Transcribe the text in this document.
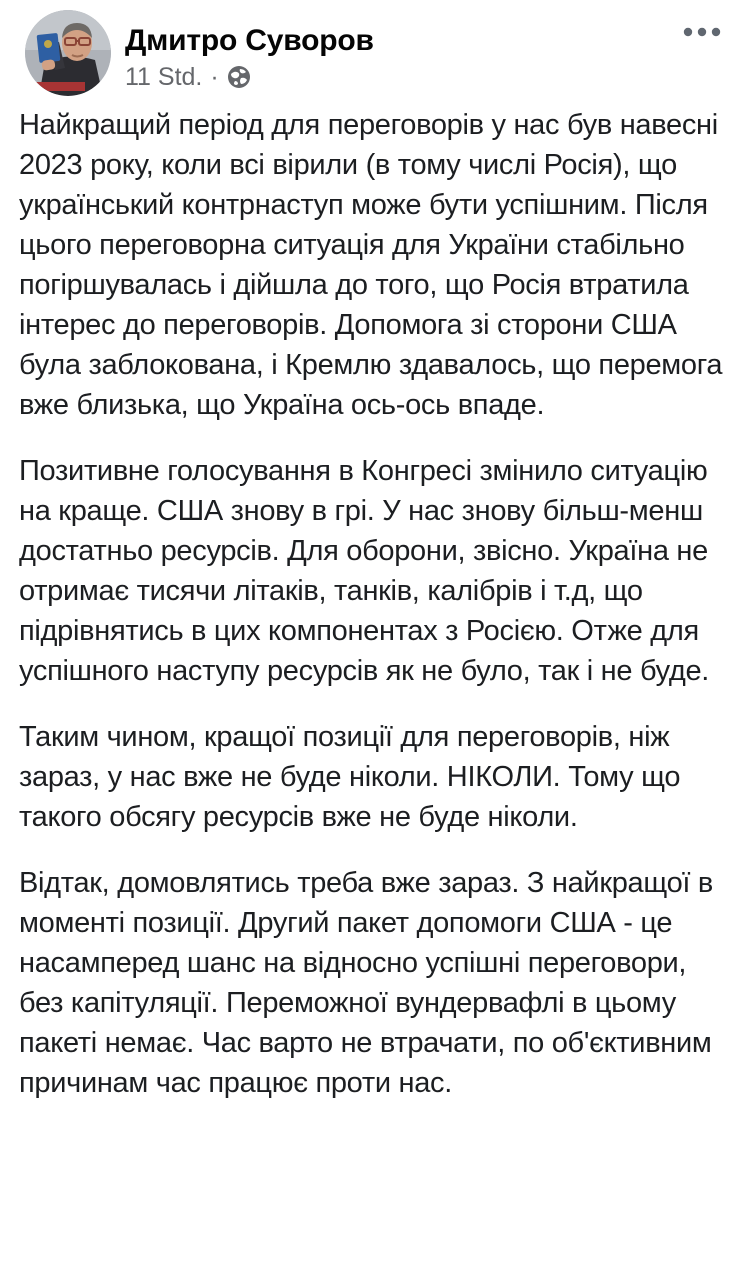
Дмитро Суворов
11 Std. ·

Найкращий період для переговорів у нас був навесні 2023 року, коли всі вірили (в тому числі Росія), що український контрнаступ може бути успішним. Після цього переговорна ситуація для України стабільно погіршувалась і дійшла до того, що Росія втратила інтерес до переговорів. Допомога зі сторони США була заблокована, і Кремлю здавалось, що перемога вже близька, що Україна ось-ось впаде.

Позитивне голосування в Конгресі змінило ситуацію на краще. США знову в грі. У нас знову більш-менш достатньо ресурсів. Для оборони, звісно. Україна не отримає тисячи літаків, танків, калібрів і т.д, що підрівнятись в цих компонентах з Росією. Отже для успішного наступу ресурсів як не було, так і не буде.

Таким чином, кращої позиції для переговорів, ніж зараз, у нас вже не буде ніколи. НІКОЛИ. Тому що такого обсягу ресурсів вже не буде ніколи.

Відтак, домовлятись треба вже зараз. З найкращої в моменті позиції. Другий пакет допомоги США - це насамперед шанс на відносно успішні переговори, без капітуляції. Переможної вундервафлі в цьому пакеті немає. Час варто не втрачати, по об'єктивним причинам час працює проти нас.
